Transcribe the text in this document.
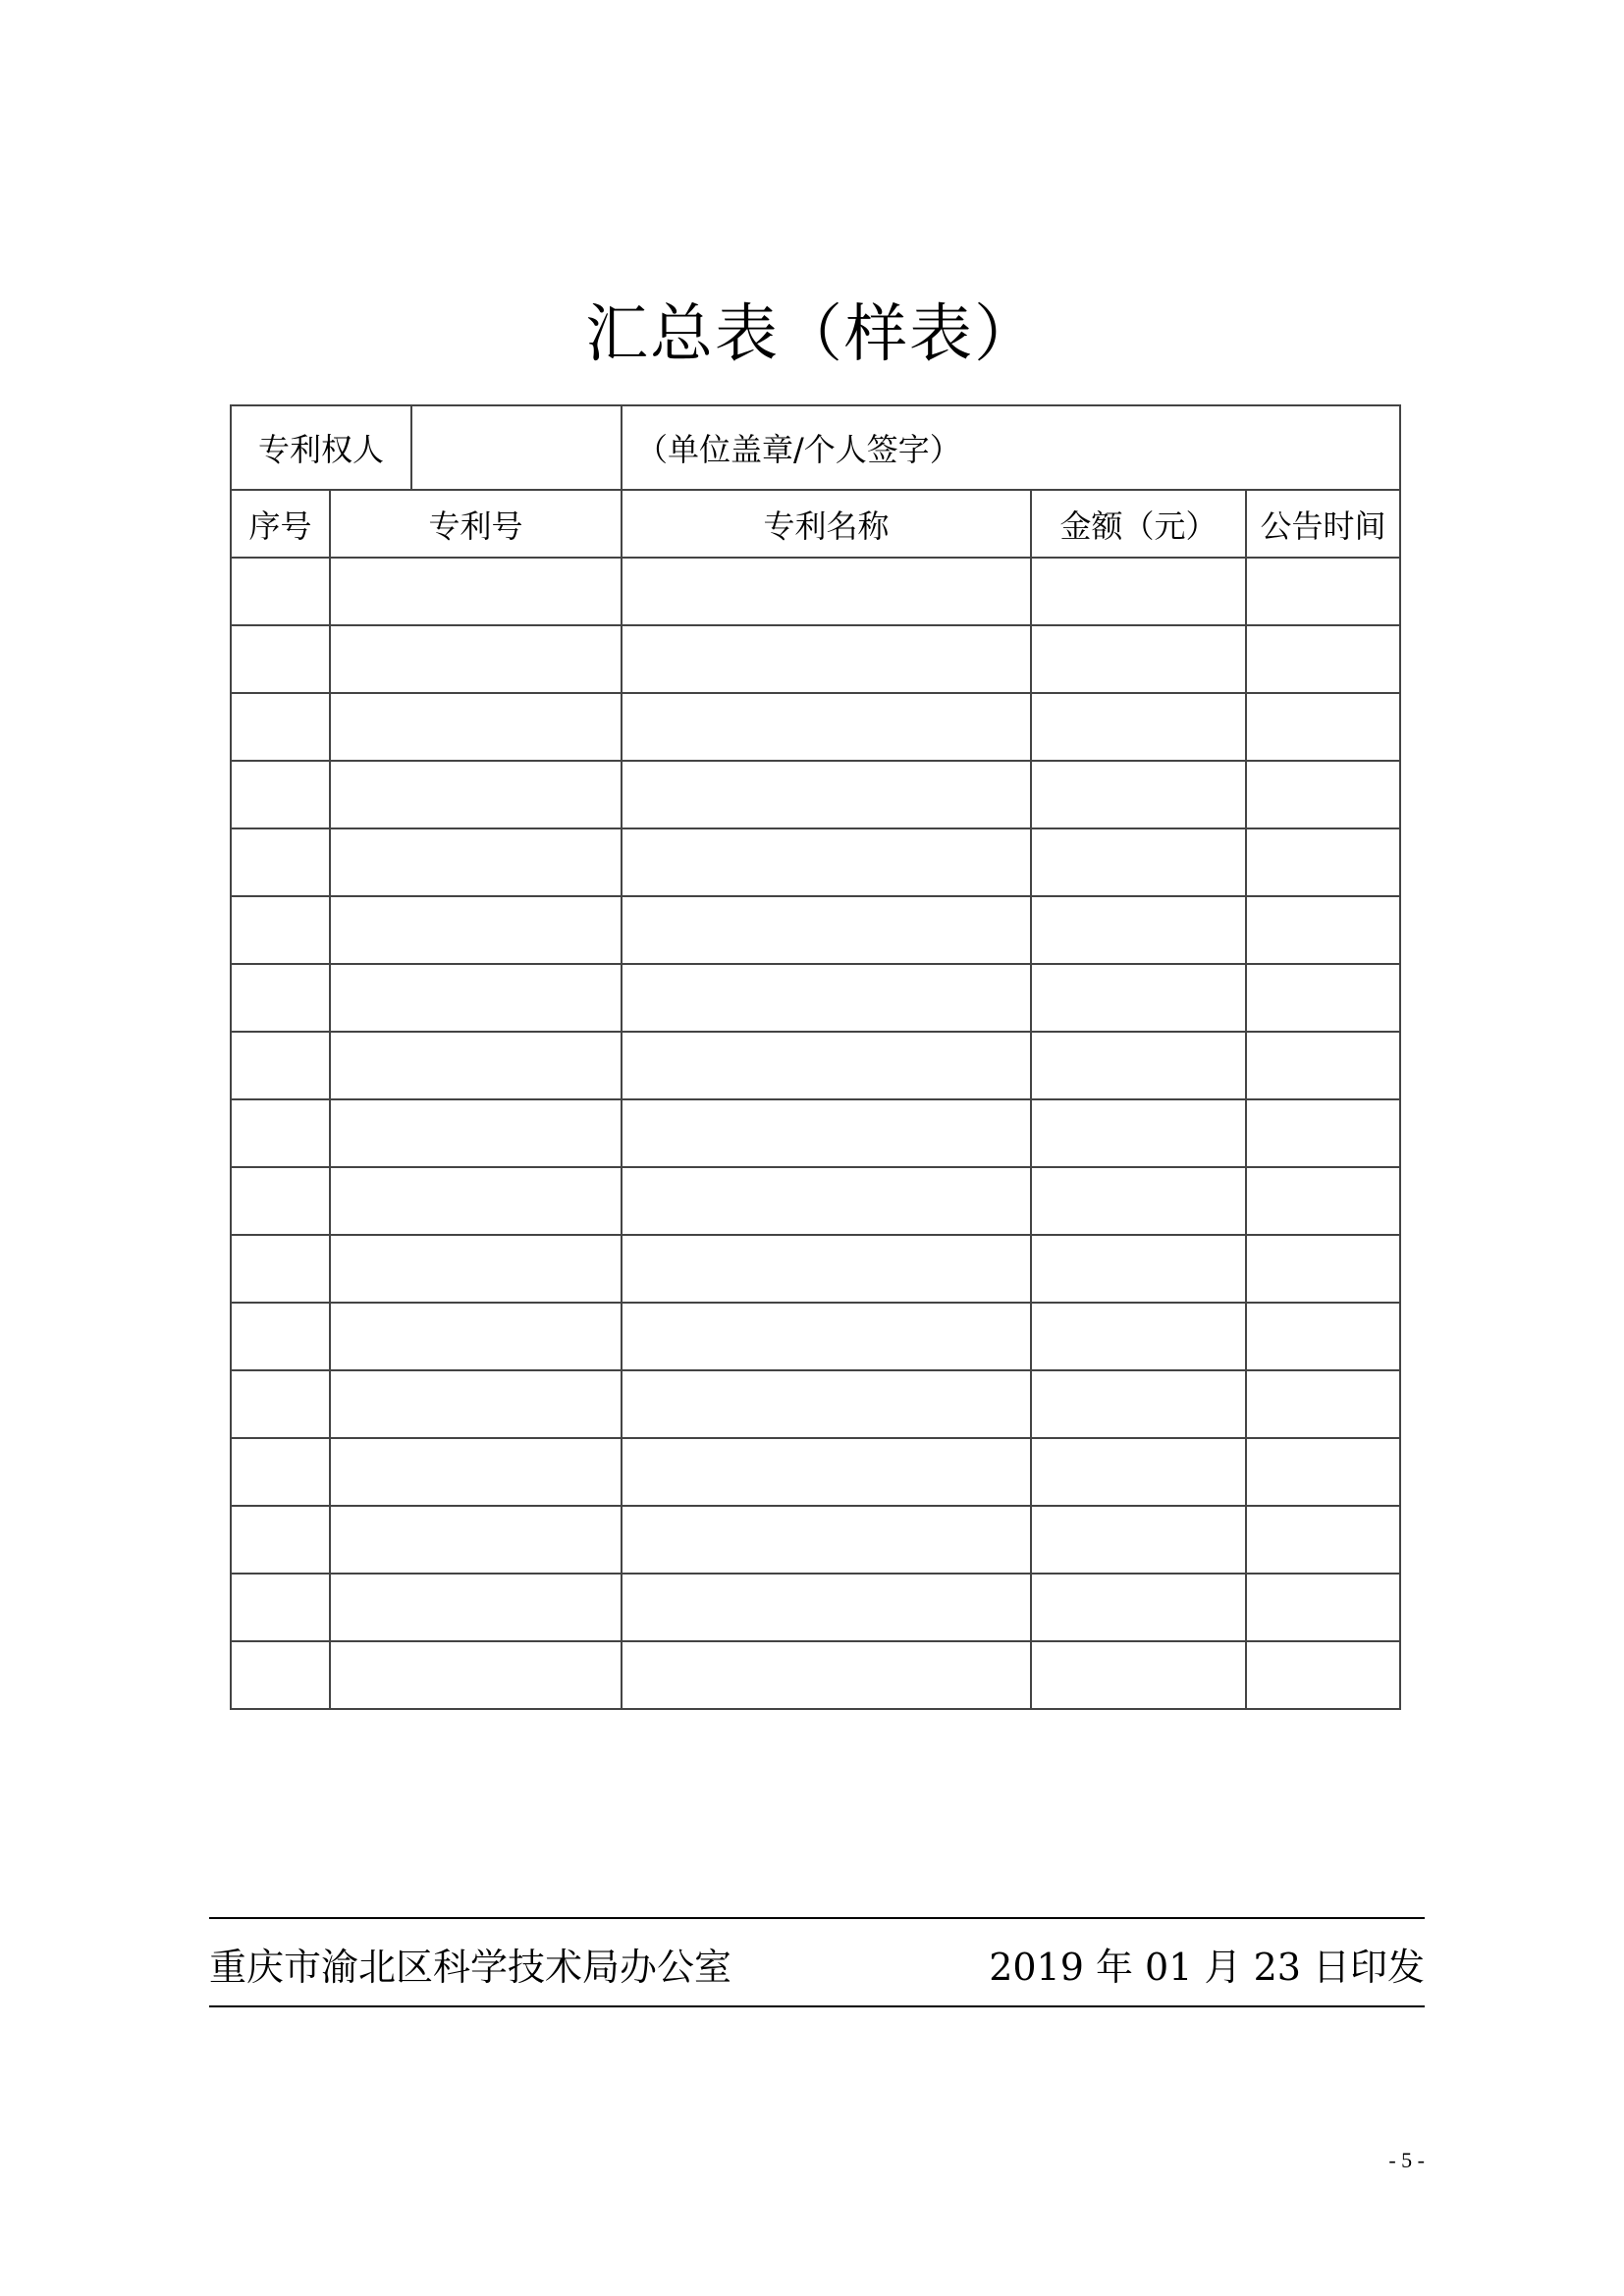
汇总表（样表）
专利权人		（单位盖章/个人签字）		
序号	专利号	专利名称	金额（元）	公告时间

重庆市渝北区科学技术局办公室	2019 年 01 月 23 日印发
- 5 -
